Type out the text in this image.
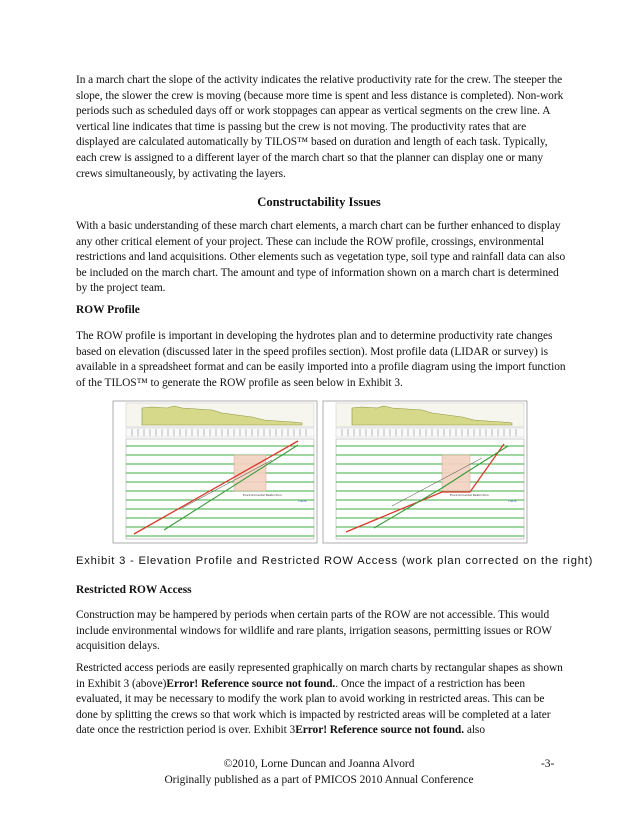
In a march chart the slope of the activity indicates the relative productivity rate for the crew. The steeper the slope, the slower the crew is moving (because more time is spent and less distance is completed). Non-work periods such as scheduled days off or work stoppages can appear as vertical segments on the crew line. A vertical line indicates that time is passing but the crew is not moving. The productivity rates that are displayed are calculated automatically by TILOS™ based on duration and length of each task. Typically, each crew is assigned to a different layer of the march chart so that the planner can display one or many crews simultaneously, by activating the layers.

Constructability Issues

With a basic understanding of these march chart elements, a march chart can be further enhanced to display any other critical element of your project. These can include the ROW profile, crossings, environmental restrictions and land acquisitions. Other elements such as vegetation type, soil type and rainfall data can also be included on the march chart. The amount and type of information shown on a march chart is determined by the project team.

ROW Profile

The ROW profile is important in developing the hydrotes plan and to determine productivity rate changes based on elevation (discussed later in the speed profiles section). Most profile data (LIDAR or survey) is available in a spreadsheet format and can be easily imported into a profile diagram using the import function of the TILOS™ to generate the ROW profile as seen below in Exhibit 3.

Environmental Restriction
TILOS
Environmental Restriction
TILOS
Exhibit 3 - Elevation Profile and Restricted ROW Access (work plan corrected on the right)
Restricted ROW Access

Construction may be hampered by periods when certain parts of the ROW are not accessible. This would include environmental windows for wildlife and rare plants, irrigation seasons, permitting issues or ROW acquisition delays.

Restricted access periods are easily represented graphically on march charts by rectangular shapes as shown in Exhibit 3 (above)Error! Reference source not found.. Once the impact of a restriction has been evaluated, it may be necessary to modify the work plan to avoid working in restricted areas. This can be done by splitting the crews so that work which is impacted by restricted areas will be completed at a later date once the restriction period is over. Exhibit 3Error! Reference source not found. also

©2010, Lorne Duncan and Joanna Alvord	-3-
Originally published as a part of PMICOS 2010 Annual Conference
